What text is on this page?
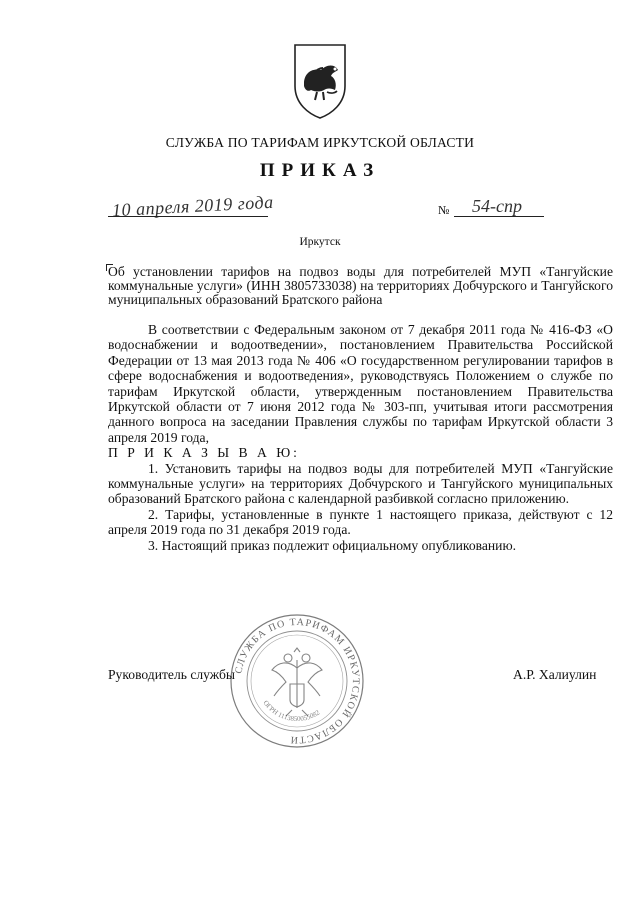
СЛУЖБА ПО ТАРИФАМ ИРКУТСКОЙ ОБЛАСТИ
ПРИКАЗ
10 апреля 2019 года	№ 54-спр
Иркутск
Об установлении тарифов на подвоз воды для потребителей МУП «Тангуйские коммунальные услуги» (ИНН 3805733038) на территориях Добчурского и Тангуйского муниципальных образований Братского района

В соответствии с Федеральным законом от 7 декабря 2011 года № 416-ФЗ «О водоснабжении и водоотведении», постановлением Правительства Российской Федерации от 13 мая 2013 года № 406 «О государственном регулировании тарифов в сфере водоснабжения и водоотведения», руководствуясь Положением о службе по тарифам Иркутской области, утвержденным постановлением Правительства Иркутской области от 7 июня 2012 года № 303-пп, учитывая итоги рассмотрения данного вопроса на заседании Правления службы по тарифам Иркутской области 3 апреля 2019 года,

П Р И К А З Ы В А Ю:

1. Установить тарифы на подвоз воды для потребителей МУП «Тангуйские коммунальные услуги» на территориях Добчурского и Тангуйского муниципальных образований Братского района с календарной разбивкой согласно приложению.

2. Тарифы, установленные в пункте 1 настоящего приказа, действуют с 12 апреля 2019 года по 31 декабря 2019 года.

3. Настоящий приказ подлежит официальному опубликованию.

СЛУЖБА ПО ТАРИФАМ ИРКУТСКОЙ ОБЛАСТИ
ОГРН 1113850055082
Руководитель службы	А.Р. Халиулин
